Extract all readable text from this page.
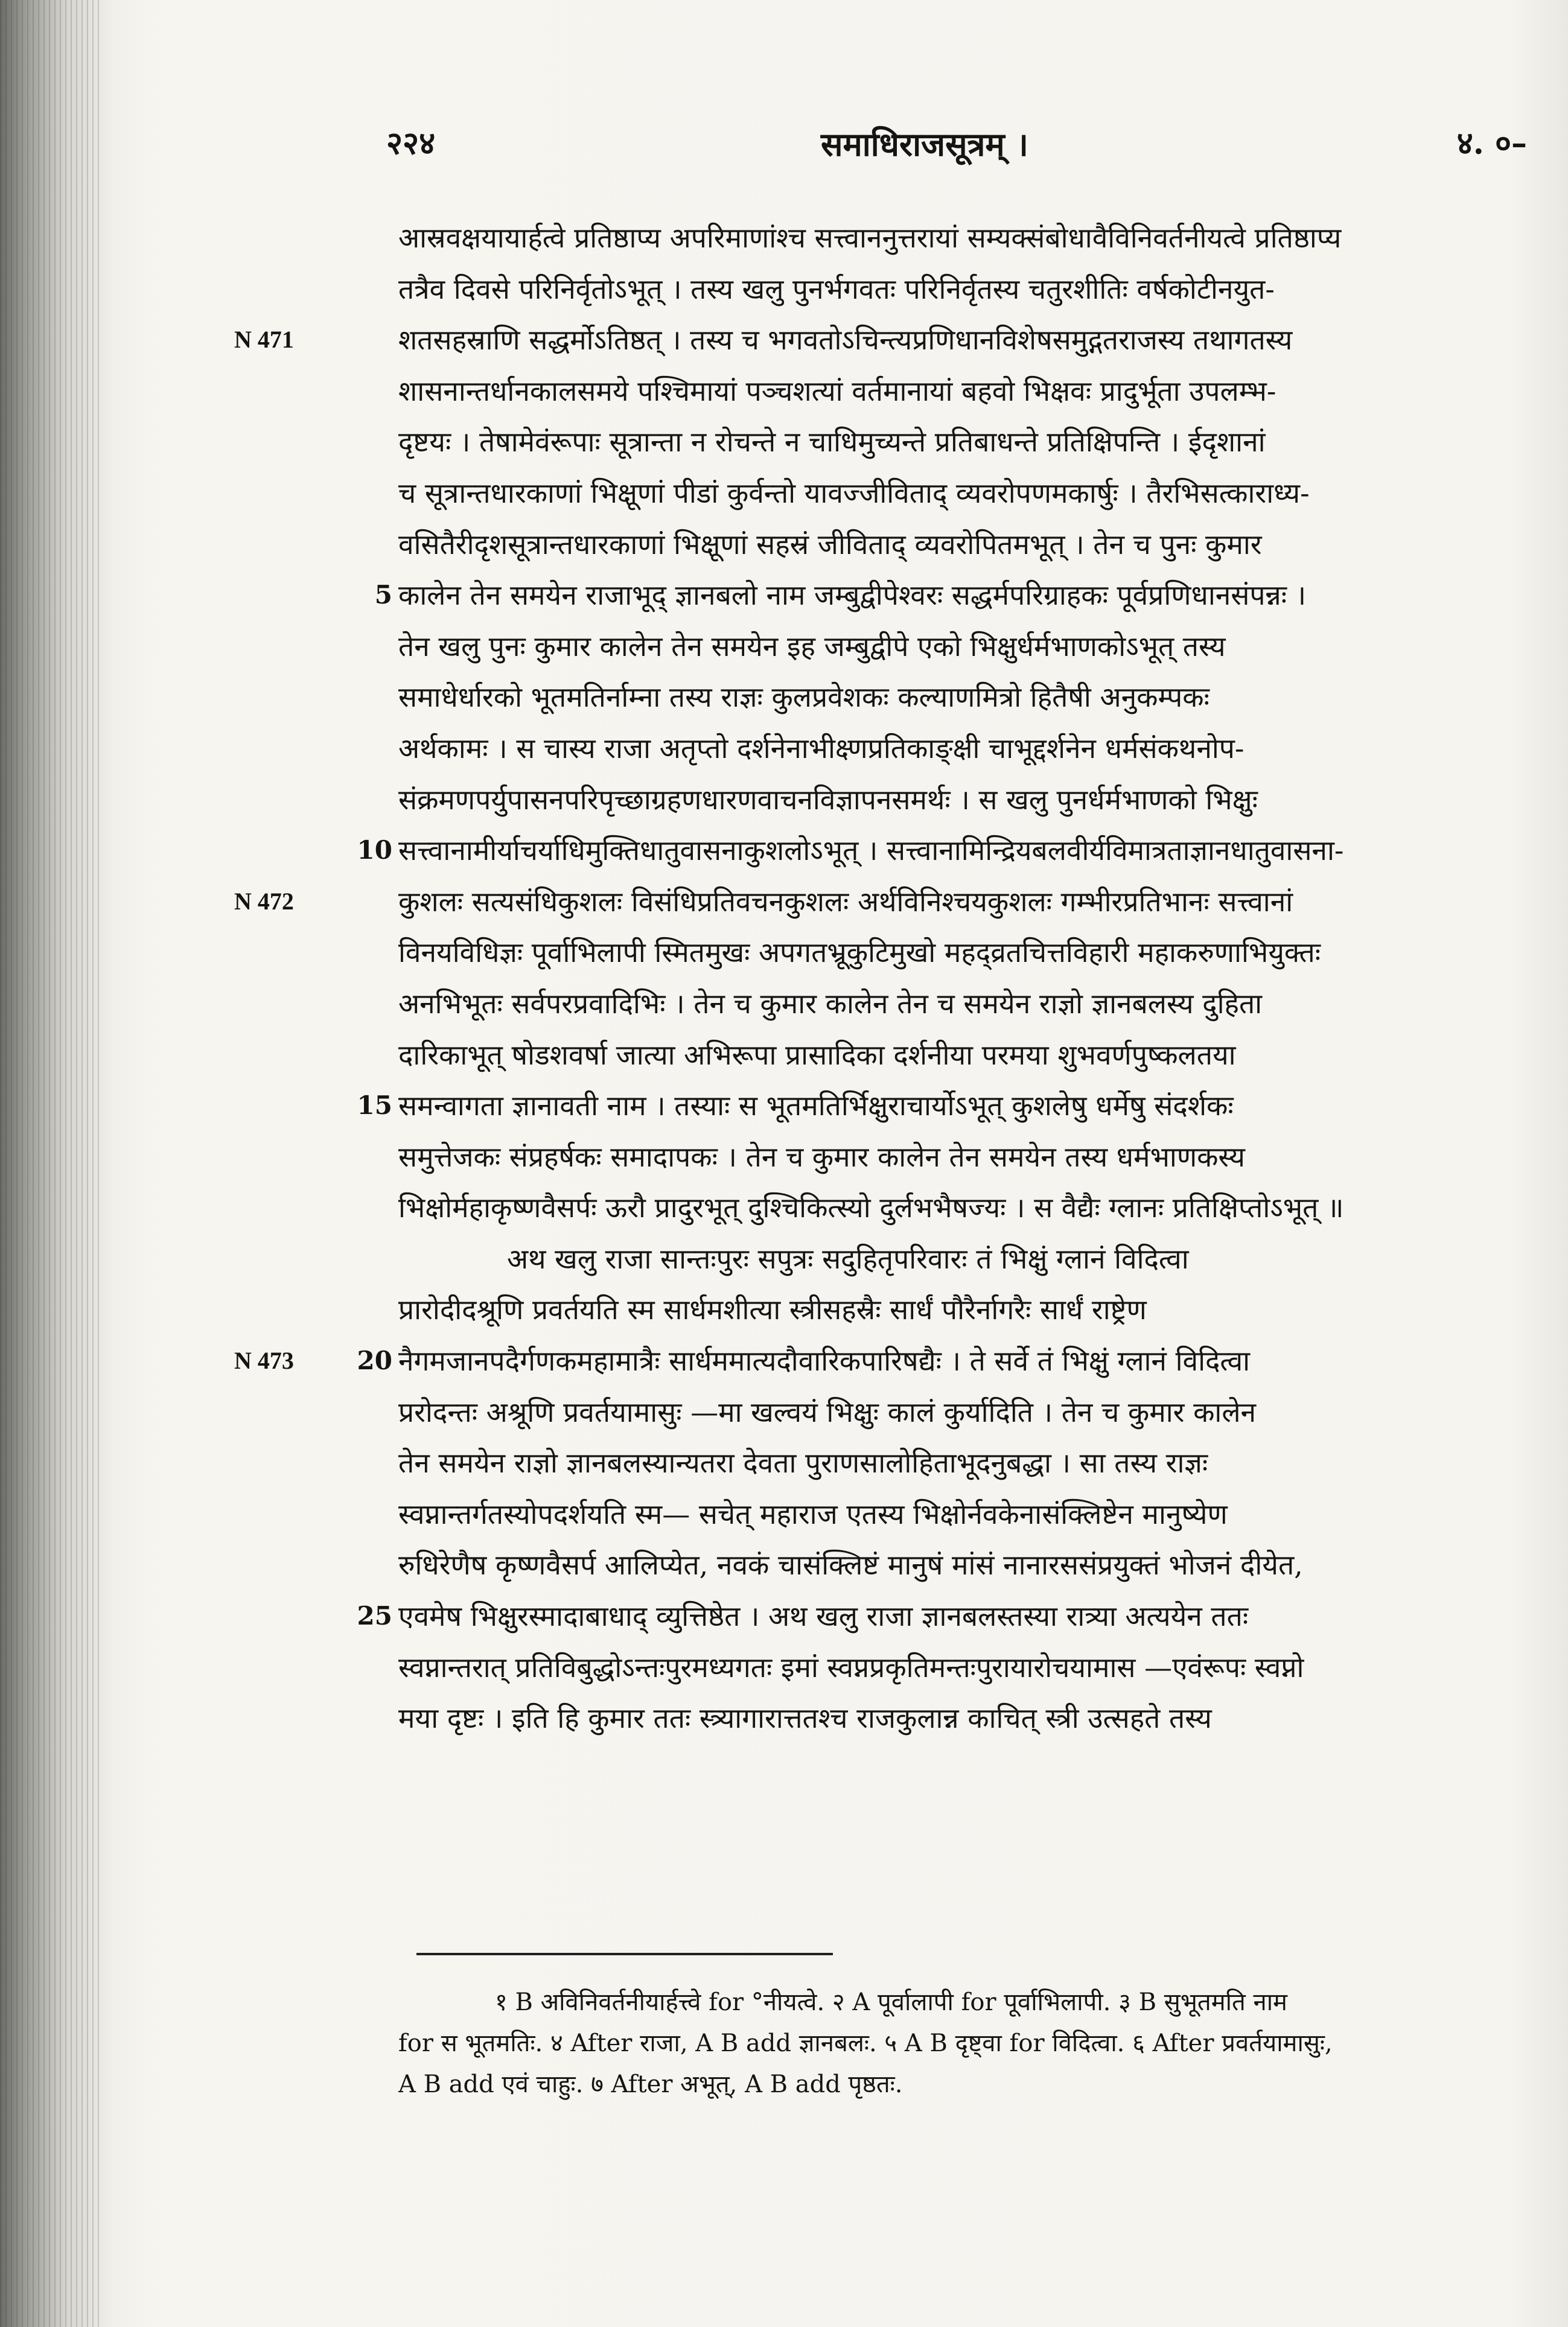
२२४	समाधिराजसूत्रम् ।	४. ०–
आस्रवक्षयायार्हत्वे प्रतिष्ठाप्य अपरिमाणांश्च सत्त्वाननुत्तरायां सम्यक्संबोधावैविनिवर्तनीयत्वे प्रतिष्ठाप्य
तत्रैव दिवसे परिनिर्वृतोऽभूत् । तस्य खलु पुनर्भगवतः परिनिर्वृतस्य चतुरशीतिः वर्षकोटीनयुत-
N 471	शतसहस्राणि सद्धर्मोऽतिष्ठत् । तस्य च भगवतोऽचिन्त्यप्रणिधानविशेषसमुद्गतराजस्य तथागतस्य
शासनान्तर्धानकालसमये पश्चिमायां पञ्चशत्यां वर्तमानायां बहवो भिक्षवः प्रादुर्भूता उपलम्भ-
दृष्टयः । तेषामेवंरूपाः सूत्रान्ता न रोचन्ते न चाधिमुच्यन्ते प्रतिबाधन्ते प्रतिक्षिपन्ति । ईदृशानां
च सूत्रान्तधारकाणां भिक्षूणां पीडां कुर्वन्तो यावज्जीविताद् व्यवरोपणमकार्षुः । तैरभिसत्काराध्य-
वसितैरीदृशसूत्रान्तधारकाणां भिक्षूणां सहस्रं जीविताद् व्यवरोपितमभूत् । तेन च पुनः कुमार
5 कालेन तेन समयेन राजाभूद् ज्ञानबलो नाम जम्बुद्वीपेश्वरः सद्धर्मपरिग्राहकः पूर्वप्रणिधानसंपन्नः ।
तेन खलु पुनः कुमार कालेन तेन समयेन इह जम्बुद्वीपे एको भिक्षुर्धर्मभाणकोऽभूत् तस्य
समाधेर्धारको भूतमतिर्नाम्ना तस्य राज्ञः कुलप्रवेशकः कल्याणमित्रो हितैषी अनुकम्पकः
अर्थकामः । स चास्य राजा अतृप्तो दर्शनेनाभीक्ष्णप्रतिकाङ्क्षी चाभूद्दर्शनेन धर्मसंकथनोप-
संक्रमणपर्युपासनपरिपृच्छाग्रहणधारणवाचनविज्ञापनसमर्थः । स खलु पुनर्धर्मभाणको भिक्षुः
10 सत्त्वानामीर्याचर्याधिमुक्तिधातुवासनाकुशलोऽभूत् । सत्त्वानामिन्द्रियबलवीर्यविमात्रताज्ञानधातुवासना-
N 472	कुशलः सत्यसंधिकुशलः विसंधिप्रतिवचनकुशलः अर्थविनिश्चयकुशलः गम्भीरप्रतिभानः सत्त्वानां
विनयविधिज्ञः पूर्वाभिलापी स्मितमुखः अपगतभ्रूकुटिमुखो महद्व्रतचित्तविहारी महाकरुणाभियुक्तः
अनभिभूतः सर्वपरप्रवादिभिः । तेन च कुमार कालेन तेन च समयेन राज्ञो ज्ञानबलस्य दुहिता
दारिकाभूत् षोडशवर्षा जात्या अभिरूपा प्रासादिका दर्शनीया परमया शुभवर्णपुष्कलतया
15 समन्वागता ज्ञानावती नाम । तस्याः स भूतमतिर्भिक्षुराचार्योऽभूत् कुशलेषु धर्मेषु संदर्शकः
समुत्तेजकः संप्रहर्षकः समादापकः । तेन च कुमार कालेन तेन समयेन तस्य धर्मभाणकस्य
भिक्षोर्महाकृष्णवैसर्पः ऊरौ प्रादुरभूत् दुश्चिकित्स्यो दुर्लभभैषज्यः । स वैद्यैः ग्लानः प्रतिक्षिप्तोऽभूत् ॥
अथ खलु राजा सान्तःपुरः सपुत्रः सदुहितृपरिवारः तं भिक्षुं ग्लानं विदित्वा
प्रारोदीदश्रूणि प्रवर्तयति स्म सार्धमशीत्या स्त्रीसहस्रैः सार्धं पौरैर्नागरैः सार्धं राष्ट्रेण
N 473	20 नैगमजानपदैर्गणकमहामात्रैः सार्धममात्यदौवारिकपारिषद्यैः । ते सर्वे तं भिक्षुं ग्लानं विदित्वा
प्ररोदन्तः अश्रूणि प्रवर्तयामासुः —मा खल्वयं भिक्षुः कालं कुर्यादिति । तेन च कुमार कालेन
तेन समयेन राज्ञो ज्ञानबलस्यान्यतरा देवता पुराणसालोहिताभूदनुबद्धा । सा तस्य राज्ञः
स्वप्नान्तर्गतस्योपदर्शयति स्म— सचेत् महाराज एतस्य भिक्षोर्नवकेनासंक्लिष्टेन मानुष्येण
रुधिरेणैष कृष्णवैसर्प आलिप्येत, नवकं चासंक्लिष्टं मानुषं मांसं नानारससंप्रयुक्तं भोजनं दीयेत,
25 एवमेष भिक्षुरस्मादाबाधाद् व्युत्तिष्ठेत । अथ खलु राजा ज्ञानबलस्तस्या रात्र्या अत्ययेन ततः
स्वप्नान्तरात् प्रतिविबुद्धोऽन्तःपुरमध्यगतः इमां स्वप्नप्रकृतिमन्तःपुरायारोचयामास —एवंरूपः स्वप्नो
मया दृष्टः । इति हि कुमार ततः स्त्र्यागारात्ततश्च राजकुलान्न काचित् स्त्री उत्सहते तस्य
१ B अविनिवर्तनीयार्हत्त्वे for °नीयत्वे. २ A पूर्वालापी for पूर्वाभिलापी. ३ B सुभूतमति नाम
for स भूतमतिः. ४ After राजा, A B add ज्ञानबलः. ५ A B दृष्ट्वा for विदित्वा. ६ After प्रवर्तयामासुः,
A B add एवं चाहुः. ७ After अभूत्, A B add पृष्ठतः.
